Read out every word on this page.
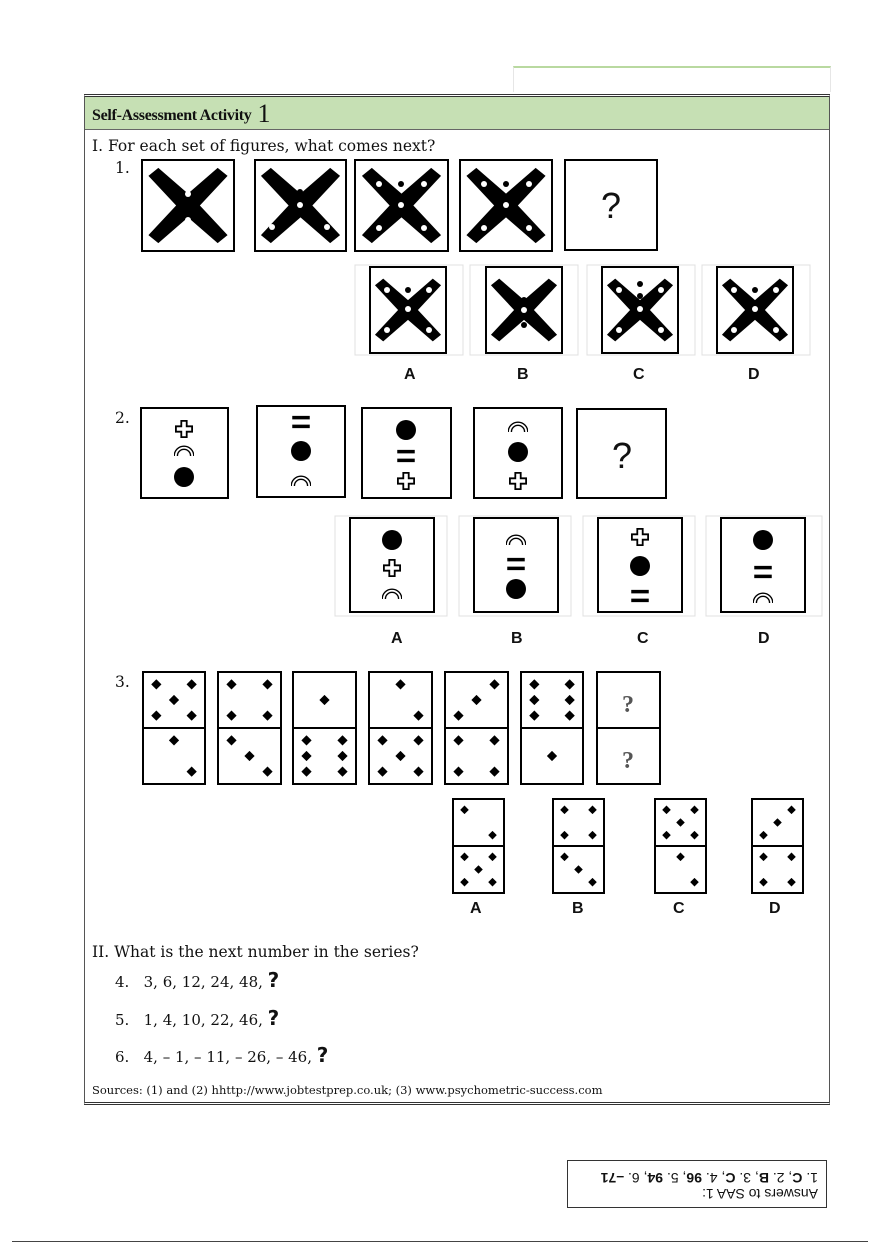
Self-Assessment Activity 1
I. For each set of figures, what comes next?
1.
2.
3.
?
?
?
?
A	B	C	D
A	B	C	D
A	B	C	D
II. What is the next number in the series?
4. 3, 6, 12, 24, 48, ?
5. 1, 4, 10, 22, 46, ?
6. 4, – 1, – 11, – 26, – 46, ?
Sources: (1) and (2) hhttp://www.jobtestprep.co.uk; (3) www.psychometric-success.com
Answers to SAA 1:
1. C, 2. B, 3. C, 4. 96, 5. 94, 6. –71
